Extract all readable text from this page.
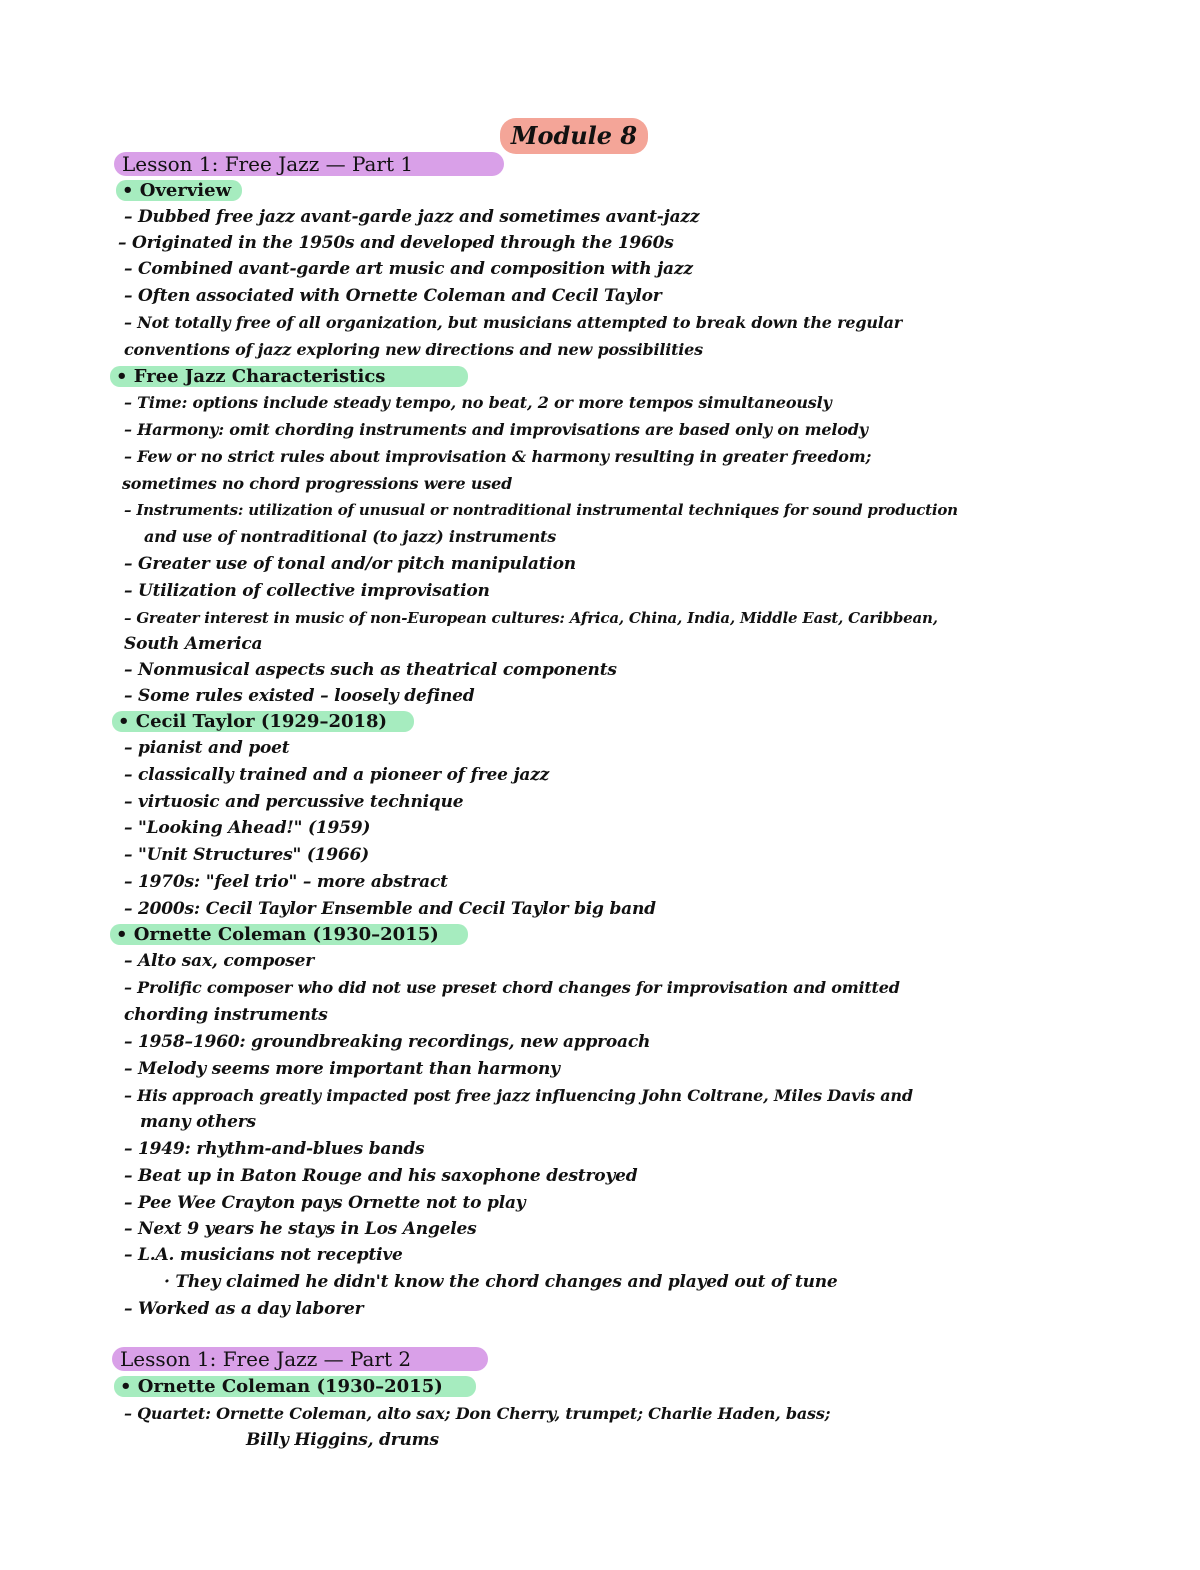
Module 8
Lesson 1: Free Jazz — Part 1
• Overview
– Dubbed free jazz avant-garde jazz and sometimes avant-jazz
– Originated in the 1950s and developed through the 1960s
– Combined avant-garde art music and composition with jazz
– Often associated with Ornette Coleman and Cecil Taylor
– Not totally free of all organization, but musicians attempted to break down the regular
conventions of jazz exploring new directions and new possibilities
• Free Jazz Characteristics
– Time: options include steady tempo, no beat, 2 or more tempos simultaneously
– Harmony: omit chording instruments and improvisations are based only on melody
– Few or no strict rules about improvisation & harmony resulting in greater freedom;
sometimes no chord progressions were used
– Instruments: utilization of unusual or nontraditional instrumental techniques for sound production
and use of nontraditional (to jazz) instruments
– Greater use of tonal and/or pitch manipulation
– Utilization of collective improvisation
– Greater interest in music of non-European cultures: Africa, China, India, Middle East, Caribbean,
South America
– Nonmusical aspects such as theatrical components
– Some rules existed – loosely defined
• Cecil Taylor (1929–2018)
– pianist and poet
– classically trained and a pioneer of free jazz
– virtuosic and percussive technique
– "Looking Ahead!" (1959)
– "Unit Structures" (1966)
– 1970s: "feel trio" – more abstract
– 2000s: Cecil Taylor Ensemble and Cecil Taylor big band
• Ornette Coleman (1930–2015)
– Alto sax, composer
– Prolific composer who did not use preset chord changes for improvisation and omitted
chording instruments
– 1958–1960: groundbreaking recordings, new approach
– Melody seems more important than harmony
– His approach greatly impacted post free jazz influencing John Coltrane, Miles Davis and
many others
– 1949: rhythm-and-blues bands
– Beat up in Baton Rouge and his saxophone destroyed
– Pee Wee Crayton pays Ornette not to play
– Next 9 years he stays in Los Angeles
– L.A. musicians not receptive
· They claimed he didn't know the chord changes and played out of tune
– Worked as a day laborer
Lesson 1: Free Jazz — Part 2
• Ornette Coleman (1930–2015)
– Quartet: Ornette Coleman, alto sax; Don Cherry, trumpet; Charlie Haden, bass;
Billy Higgins, drums
